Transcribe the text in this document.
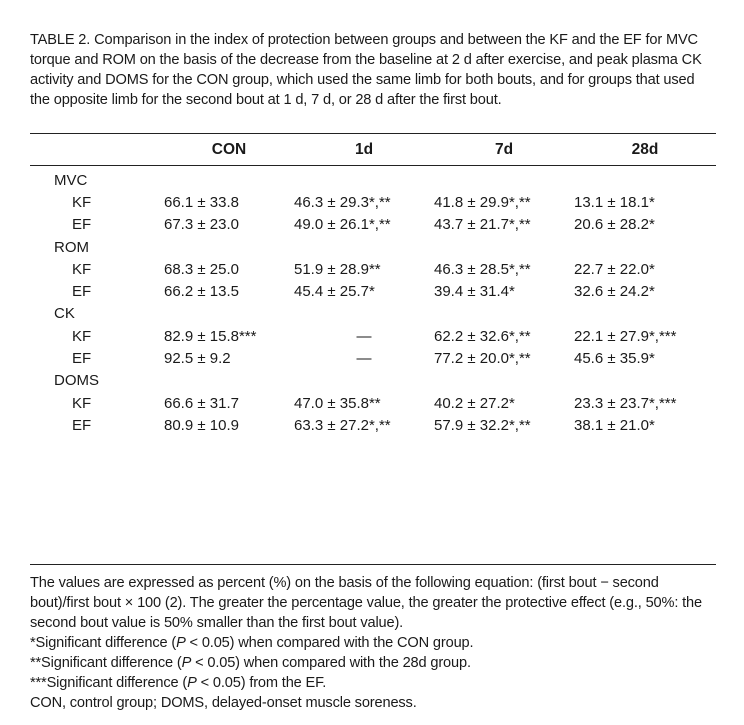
TABLE 2. Comparison in the index of protection between groups and between the KF and the EF for MVC torque and ROM on the basis of the decrease from the baseline at 2 d after exercise, and peak plasma CK activity and DOMS for the CON group, which used the same limb for both bouts, and for groups that used the opposite limb for the second bout at 1 d, 7 d, or 28 d after the first bout.
	CON	1d	7d	28d
MVC				
KF	66.1 ± 33.8	46.3 ± 29.3*,**	41.8 ± 29.9*,**	13.1 ± 18.1*
EF	67.3 ± 23.0	49.0 ± 26.1*,**	43.7 ± 21.7*,**	20.6 ± 28.2*
ROM				
KF	68.3 ± 25.0	51.9 ± 28.9**	46.3 ± 28.5*,**	22.7 ± 22.0*
EF	66.2 ± 13.5	45.4 ± 25.7*	39.4 ± 31.4*	32.6 ± 24.2*
CK				
KF	82.9 ± 15.8***	—	62.2 ± 32.6*,**	22.1 ± 27.9*,***
EF	92.5 ± 9.2	—	77.2 ± 20.0*,**	45.6 ± 35.9*
DOMS				
KF	66.6 ± 31.7	47.0 ± 35.8**	40.2 ± 27.2*	23.3 ± 23.7*,***
EF	80.9 ± 10.9	63.3 ± 27.2*,**	57.9 ± 32.2*,**	38.1 ± 21.0*

The values are expressed as percent (%) on the basis of the following equation: (first bout − second bout)/first bout × 100 (2). The greater the percentage value, the greater the protective effect (e.g., 50%: the second bout value is 50% smaller than the first bout value).

*Significant difference (P < 0.05) when compared with the CON group.

**Significant difference (P < 0.05) when compared with the 28d group.

***Significant difference (P < 0.05) from the EF.

CON, control group; DOMS, delayed-onset muscle soreness.
